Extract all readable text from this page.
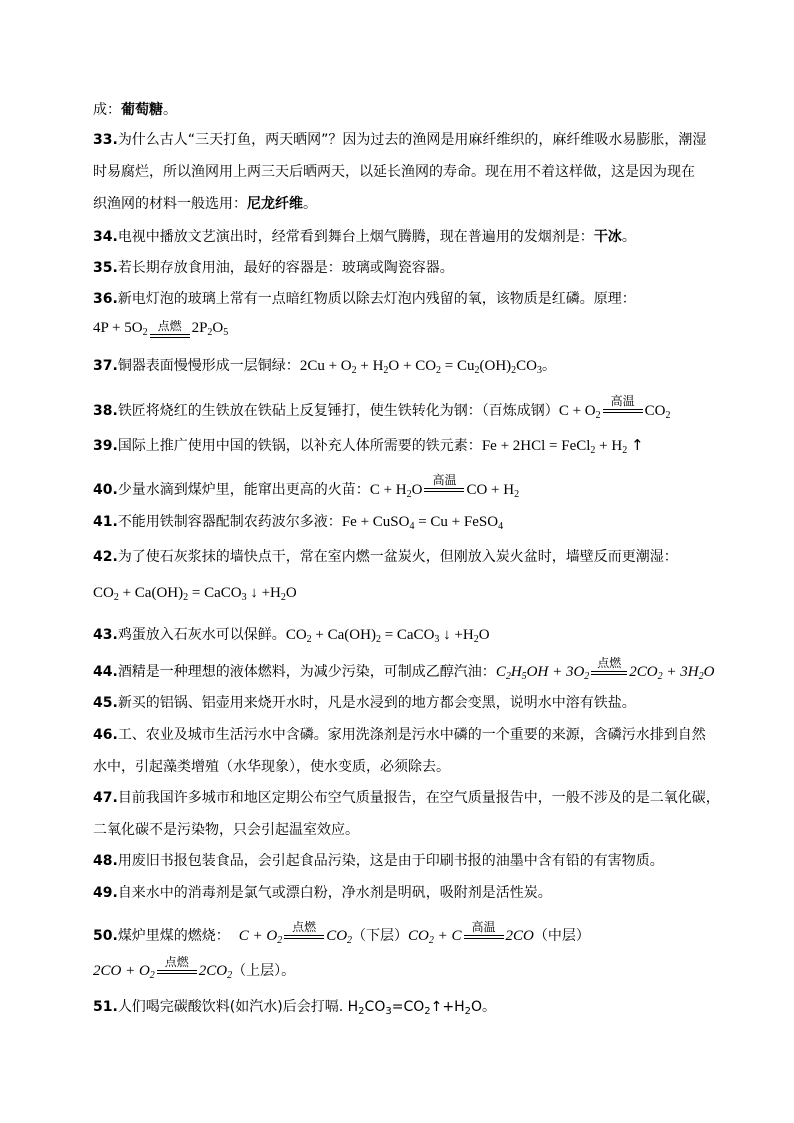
成：葡萄糖。
33.为什么古人“三天打鱼，两天晒网”？因为过去的渔网是用麻纤维织的，麻纤维吸水易膨胀，潮湿
时易腐烂，所以渔网用上两三天后晒两天，以延长渔网的寿命。现在用不着这样做，这是因为现在
织渔网的材料一般选用：尼龙纤维。
34.电视中播放文艺演出时，经常看到舞台上烟气腾腾，现在普遍用的发烟剂是：干冰。
35.若长期存放食用油，最好的容器是：玻璃或陶瓷容器。
36.新电灯泡的玻璃上常有一点暗红物质以除去灯泡内残留的氧，该物质是红磷。原理：
$4P + 5O_2$ 点燃 $2P_2O_5$
37.铜器表面慢慢形成一层铜绿：$2Cu + O_2 + H_2O + CO_2 = Cu_2(OH)_2CO_3$。
38.铁匠将烧红的生铁放在铁砧上反复锤打，使生铁转化为钢：（百炼成钢）$C + O_2$
高温
$CO_2$
39.国际上推广使用中国的铁锅，以补充人体所需要的铁元素：Fe + 2HCl = FeCl$_2$ + $H_2$ ↑
40.少量水滴到煤炉里，能窜出更高的火苗：$C + H_2O$
高温
CO + $H_2$
41.不能用铁制容器配制农药波尔多液：Fe + CuSO$_4$ = Cu + FeSO$_4$
42.为了使石灰浆抹的墙快点干，常在室内燃一盆炭火，但刚放入炭火盆时，墙壁反而更潮湿：
$CO_2 + Ca(OH)_2$ = CaCO$_3$ ↓ $+H_2O$
43.鸡蛋放入石灰水可以保鲜。$CO_2 + Ca(OH)_2$ = CaCO$_3$ ↓ $+H_2O$
44.酒精是一种理想的液体燃料，为减少污染，可制成乙醇汽油：$C_2H_5OH + 3O_2$
点燃
$2CO_2 + 3H_2O$
45.新买的铝锅、铝壶用来烧开水时，凡是水浸到的地方都会变黑，说明水中溶有铁盐。
46.工、农业及城市生活污水中含磷。家用洗涤剂是污水中磷的一个重要的来源，含磷污水排到自然
水中，引起藻类增殖（水华现象），使水变质，必须除去。
47.目前我国许多城市和地区定期公布空气质量报告，在空气质量报告中，一般不涉及的是二氧化碳，
二氧化碳不是污染物，只会引起温室效应。
48.用废旧书报包装食品，会引起食品污染，这是由于印刷书报的油墨中含有铅的有害物质。
49.自来水中的消毒剂是氯气或漂白粉，净水剂是明矾，吸附剂是活性炭。
50.煤炉里煤的燃烧： $C + O_2$
点燃
$CO_2$（下层）$CO_2 + C$
高温
2CO（中层）
$2CO + O_2$
点燃
$2CO_2$（上层）。
51.人们喝完碳酸饮料(如汽水)后会打嗝. $H_2CO_3=CO_2↑+H_2O$。
